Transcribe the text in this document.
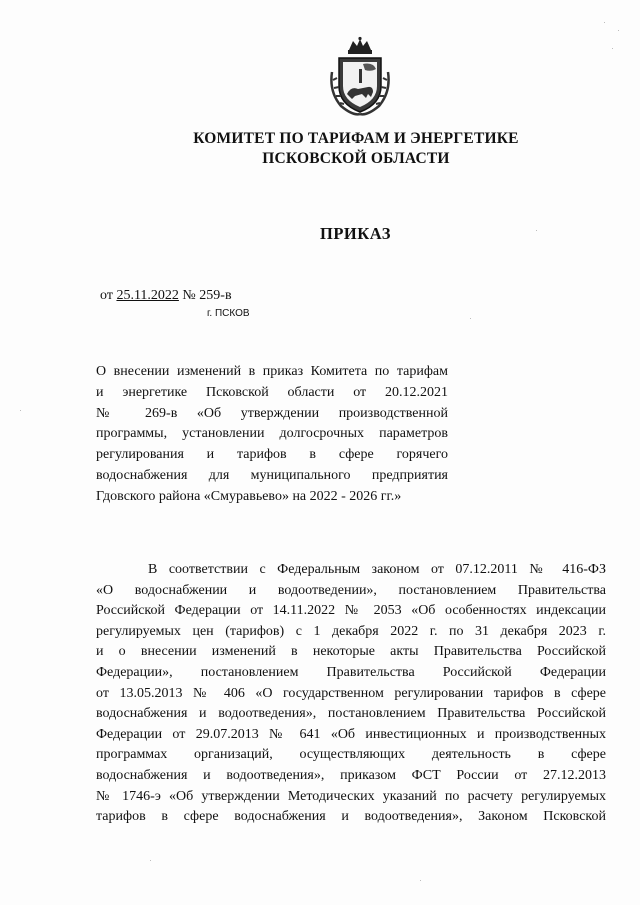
КОМИТЕТ ПО ТАРИФАМ И ЭНЕРГЕТИКЕ
ПСКОВСКОЙ ОБЛАСТИ
ПРИКАЗ
от 25.11.2022 № 259-в
г. ПСКОВ
О внесении изменений в приказ Комитета по тарифам
и энергетике Псковской области от 20.12.2021
№ 269-в «Об утверждении производственной
программы, установлении долгосрочных параметров
регулирования и тарифов в сфере горячего
водоснабжения для муниципального предприятия
Гдовского района «Смуравьево» на 2022 - 2026 гг.»
В соответствии с Федеральным законом от 07.12.2011 № 416-ФЗ
«О водоснабжении и водоотведении», постановлением Правительства
Российской Федерации от 14.11.2022 № 2053 «Об особенностях индексации
регулируемых цен (тарифов) с 1 декабря 2022 г. по 31 декабря 2023 г.
и о внесении изменений в некоторые акты Правительства Российской
Федерации», постановлением Правительства Российской Федерации
от 13.05.2013 № 406 «О государственном регулировании тарифов в сфере
водоснабжения и водоотведения», постановлением Правительства Российской
Федерации от 29.07.2013 № 641 «Об инвестиционных и производственных
программах организаций, осуществляющих деятельность в сфере
водоснабжения и водоотведения», приказом ФСТ России от 27.12.2013
№ 1746-э «Об утверждении Методических указаний по расчету регулируемых
тарифов в сфере водоснабжения и водоотведения», Законом Псковской
